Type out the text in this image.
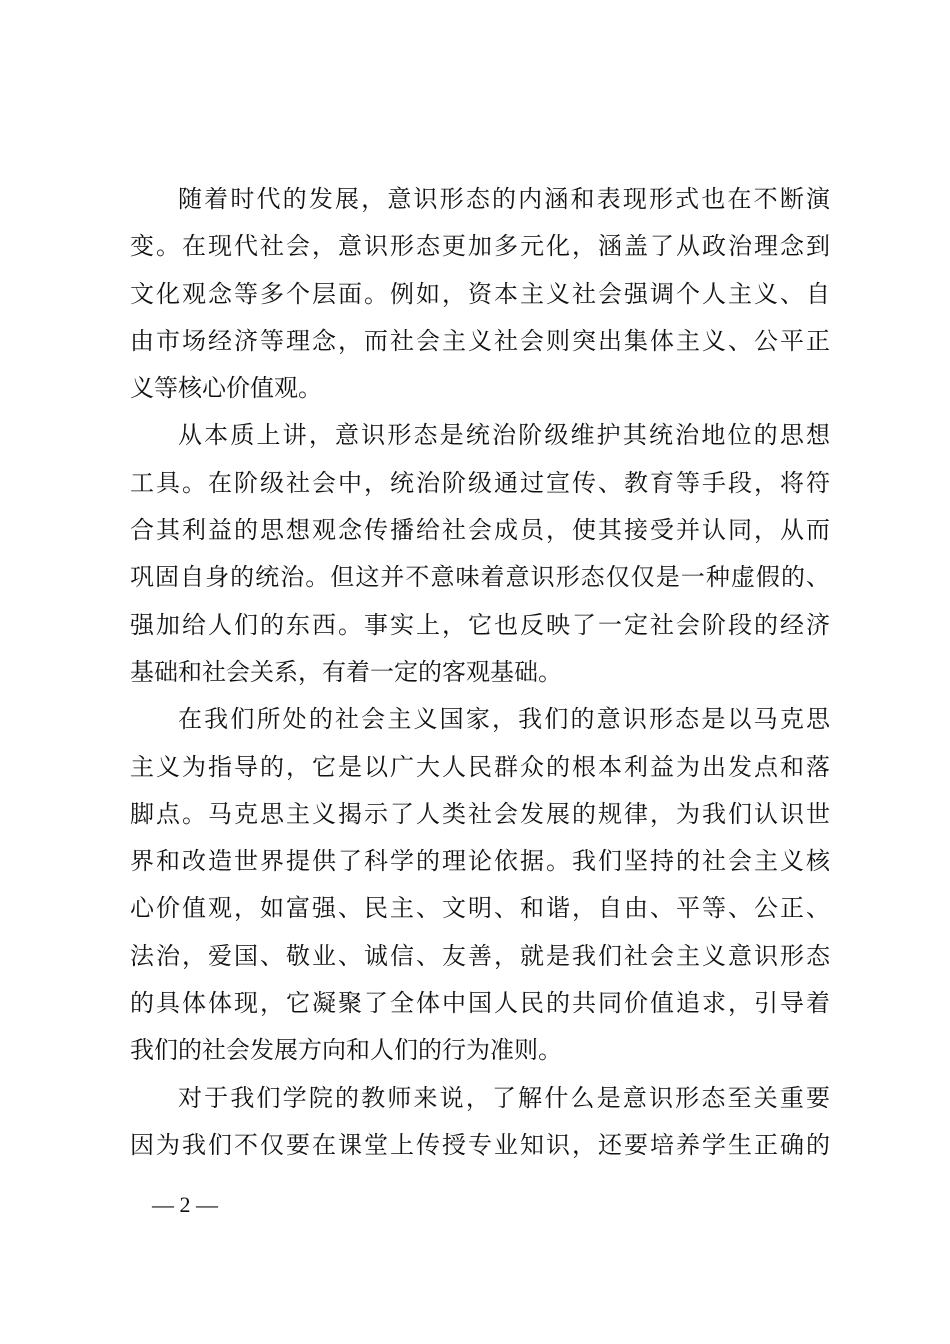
随着时代的发展，意识形态的内涵和表现形式也在不断演
变。在现代社会，意识形态更加多元化，涵盖了从政治理念到
文化观念等多个层面。例如，资本主义社会强调个人主义、自
由市场经济等理念，而社会主义社会则突出集体主义、公平正
义等核心价值观。
从本质上讲，意识形态是统治阶级维护其统治地位的思想
工具。在阶级社会中，统治阶级通过宣传、教育等手段，将符
合其利益的思想观念传播给社会成员，使其接受并认同，从而
巩固自身的统治。但这并不意味着意识形态仅仅是一种虚假的、
强加给人们的东西。事实上，它也反映了一定社会阶段的经济
基础和社会关系，有着一定的客观基础。
在我们所处的社会主义国家，我们的意识形态是以马克思
主义为指导的，它是以广大人民群众的根本利益为出发点和落
脚点。马克思主义揭示了人类社会发展的规律，为我们认识世
界和改造世界提供了科学的理论依据。我们坚持的社会主义核
心价值观，如富强、民主、文明、和谐，自由、平等、公正、
法治，爱国、敬业、诚信、友善，就是我们社会主义意识形态
的具体体现，它凝聚了全体中国人民的共同价值追求，引导着
我们的社会发展方向和人们的行为准则。
对于我们学院的教师来说，了解什么是意识形态至关重要
因为我们不仅要在课堂上传授专业知识，还要培养学生正确的
— 2 —
